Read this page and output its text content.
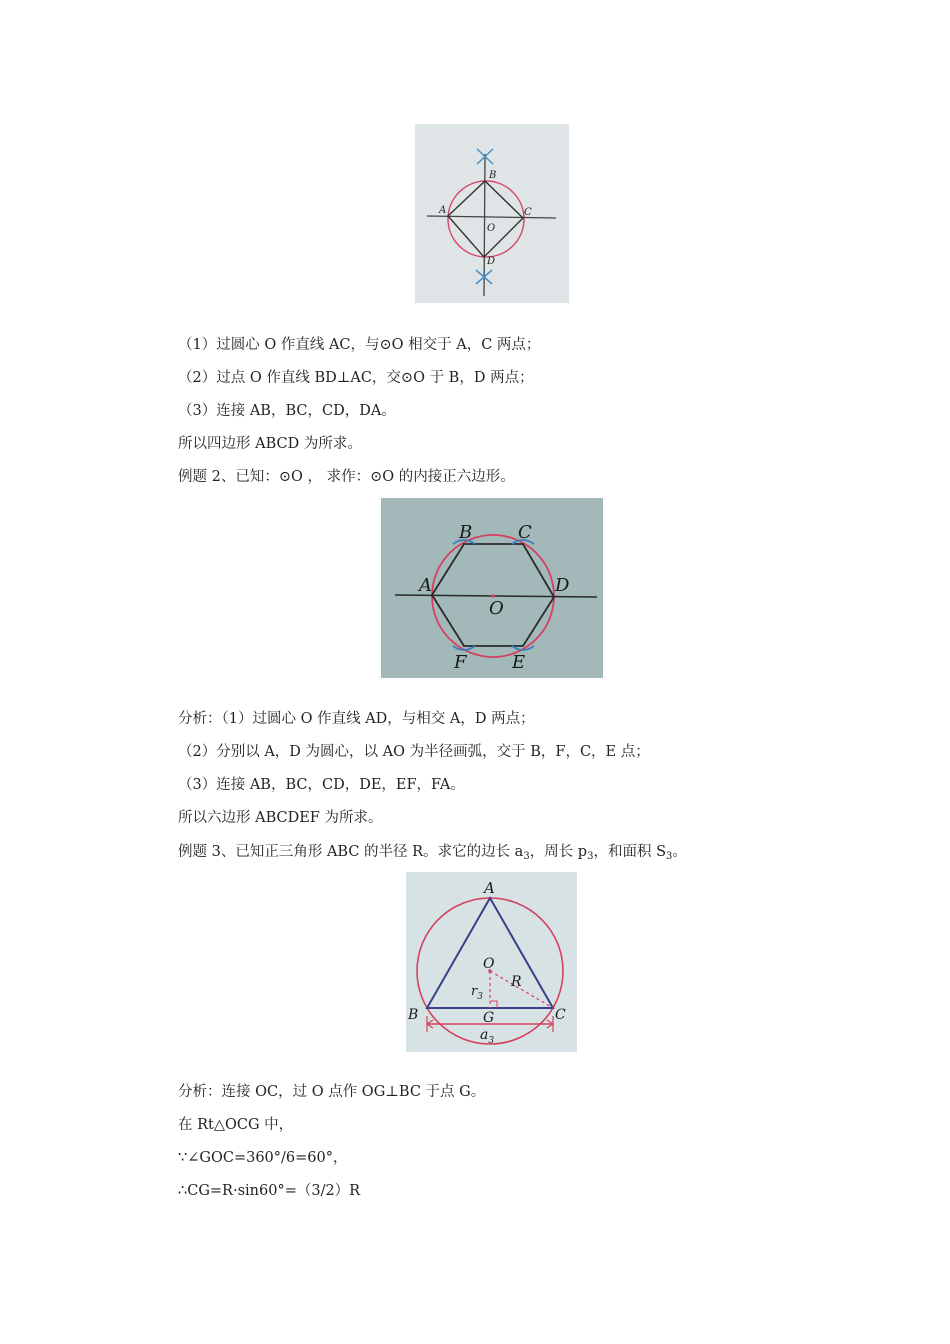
B
A	C
O
D
（1）过圆心 O 作直线 AC，与⊙O 相交于 A，C 两点；
（2）过点 O 作直线 BD⊥AC，交⊙O 于 B，D 两点；
（3）连接 AB，BC，CD，DA。
所以四边形 ABCD 为所求。
例题 2、已知：⊙O ， 求作：⊙O 的内接正六边形。
B	C
A	D
O
F	E
分析：（1）过圆心 O 作直线 AD，与相交 A，D 两点；
（2）分别以 A，D 为圆心，以 AO 为半径画弧，交于 B，F，C，E 点；
（3）连接 AB，BC，CD，DE，EF，FA。
所以六边形 ABCDEF 为所求。
例题 3、已知正三角形 ABC 的半径 R。求它的边长 $a_3$，周长 $p_3$，和面积 $S_3$。
A
O
R
$r_3$
B	C
G
$a_3$
分析：连接 OC，过 O 点作 OG⊥BC 于点 G。
在 Rt△OCG 中，
∵∠GOC=360°/6=60°，
∴CG=R·sin60°=（3/2）R
